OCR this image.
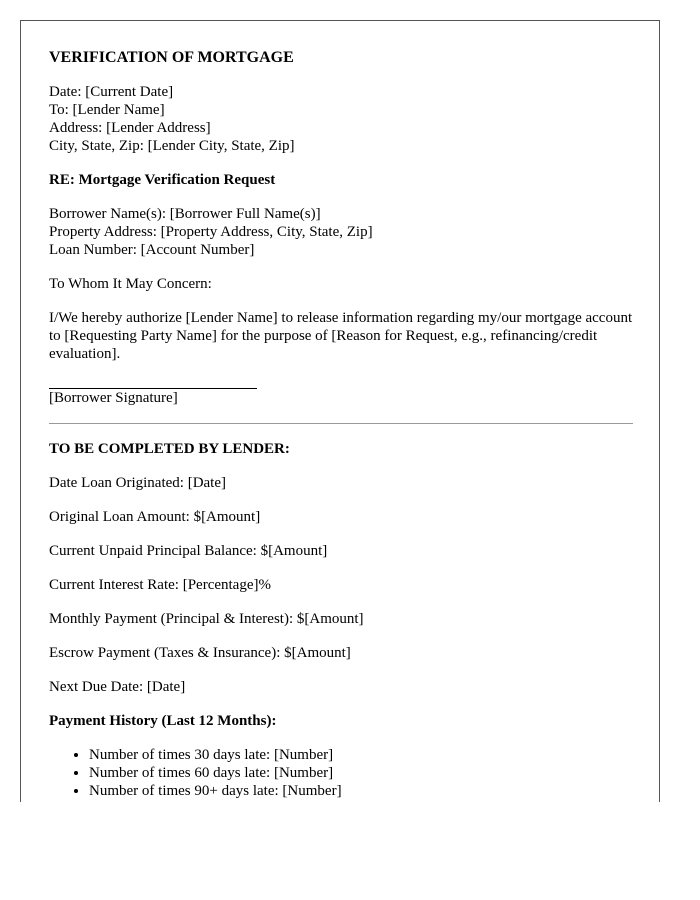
VERIFICATION OF MORTGAGE
Date: [Current Date]
To: [Lender Name]
Address: [Lender Address]
City, State, Zip: [Lender City, State, Zip]
RE: Mortgage Verification Request
Borrower Name(s): [Borrower Full Name(s)]
Property Address: [Property Address, City, State, Zip]
Loan Number: [Account Number]
To Whom It May Concern:
I/We hereby authorize [Lender Name] to release information regarding my/our mortgage account to [Requesting Party Name] for the purpose of [Reason for Request, e.g., refinancing/credit evaluation].
[Borrower Signature]
TO BE COMPLETED BY LENDER:
Date Loan Originated: [Date]
Original Loan Amount: $[Amount]
Current Unpaid Principal Balance: $[Amount]
Current Interest Rate: [Percentage]%
Monthly Payment (Principal & Interest): $[Amount]
Escrow Payment (Taxes & Insurance): $[Amount]
Next Due Date: [Date]
Payment History (Last 12 Months):
• Number of times 30 days late: [Number]
• Number of times 60 days late: [Number]
• Number of times 90+ days late: [Number]
